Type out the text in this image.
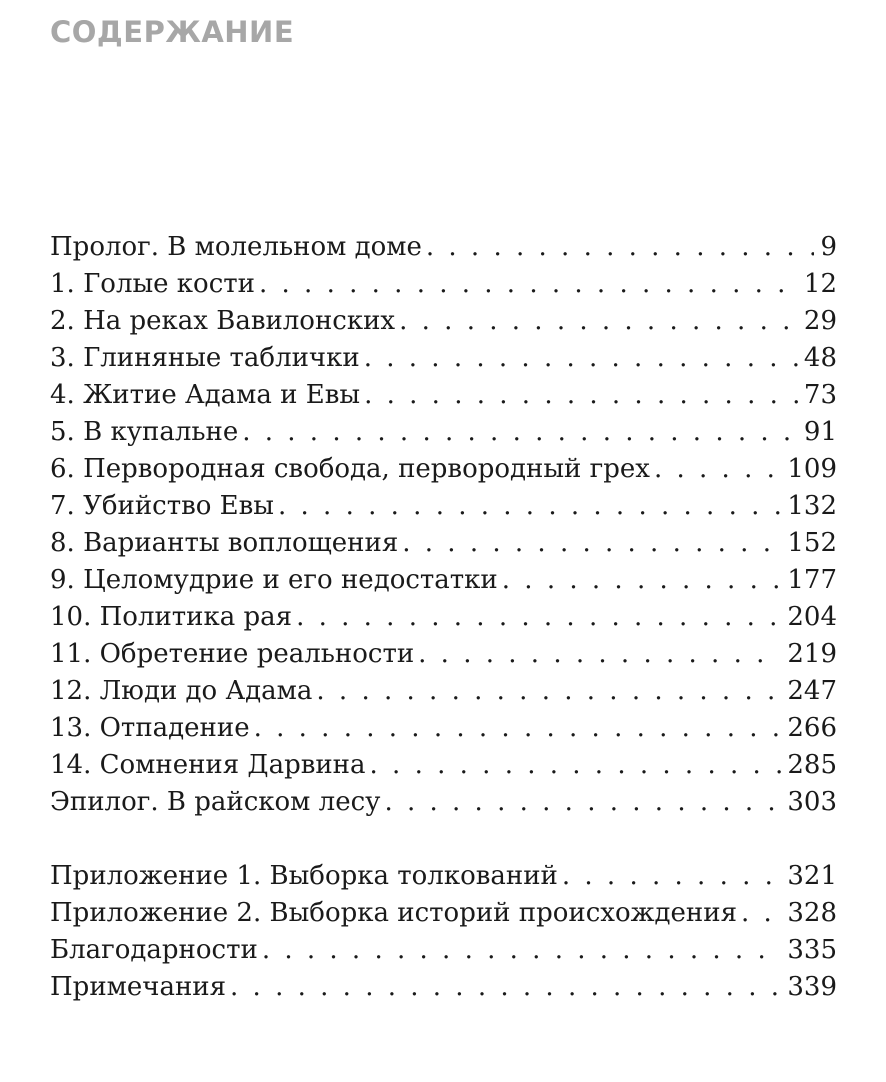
СОДЕРЖАНИЕ
Пролог. В молельном доме . . .	9
1. Голые кости . . .	12
2. На реках Вавилонских . . .	29
3. Глиняные таблички . . .	48
4. Житие Адама и Евы . . .	73
5. В купальне . . .	91
6. Первородная свобода, первородный грех . . .	109
7. Убийство Евы . . .	132
8. Варианты воплощения . . .	152
9. Целомудрие и его недостатки . . .	177
10. Политика рая . . .	204
11. Обретение реальности . . .	219
12. Люди до Адама . . .	247
13. Отпадение . . .	266
14. Сомнения Дарвина . . .	285
Эпилог. В райском лесу . . .	303
Приложение 1. Выборка толкований . . .	321
Приложение 2. Выборка историй происхождения . . . 328
Благодарности . . .	335
Примечания . . .	339
